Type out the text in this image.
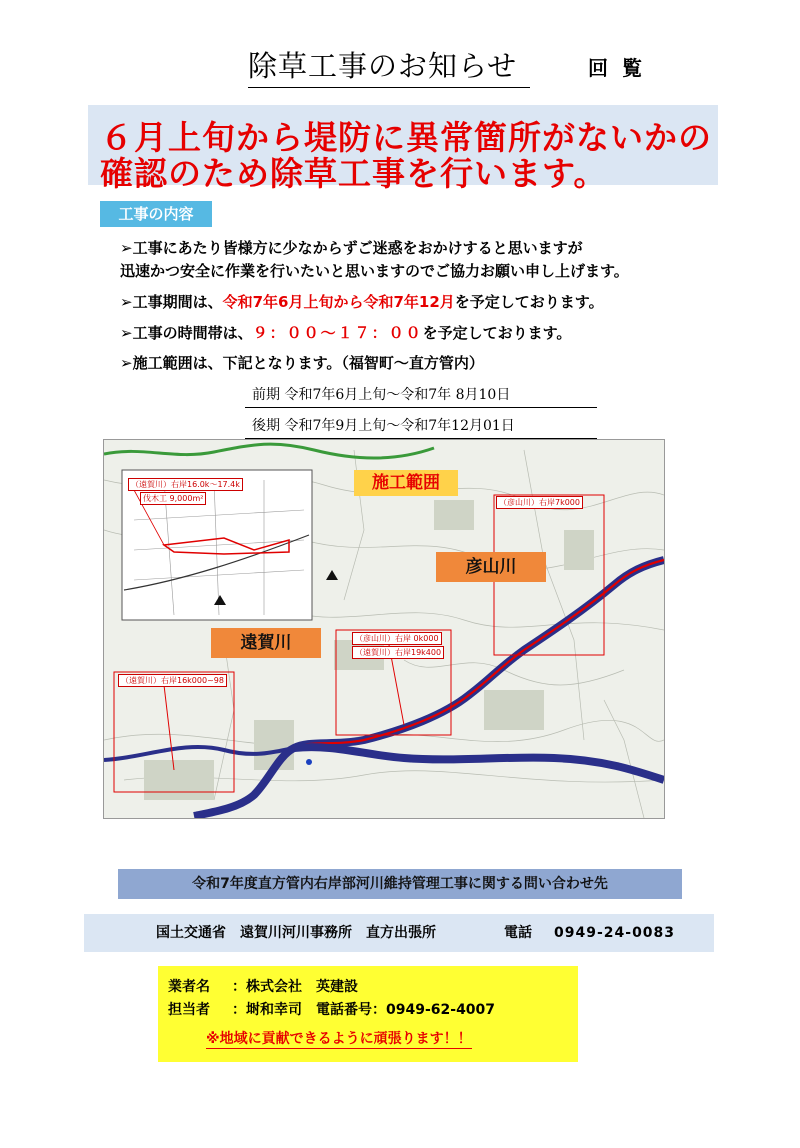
除草工事のお知らせ	回覧
６月上旬から堤防に異常箇所がないかの
確認のため除草工事を行います。
工事の内容
➢工事にあたり皆様方に少なからずご迷惑をおかけすると思いますが
迅速かつ安全に作業を行いたいと思いますのでご協力お願い申し上げます。
➢工事期間は、令和7年6月上旬から令和7年12月を予定しております。
➢工事の時間帯は、９：００～１７：００を予定しております。
➢施工範囲は、下記となります。（福智町～直方管内）
前期 令和7年6月上旬～令和7年 8月10日
後期 令和7年9月上旬～令和7年12月01日
施工範囲
彦山川
遠賀川
（彦山川）右岸7k000
（彦山川）右岸 0k000
（遠賀川）右岸19k400
（遠賀川）右岸16k000~98
（遠賀川）右岸16.0k～17.4k
伐木工 9,000m²
令和7年度直方管内右岸部河川維持管理工事に関する問い合わせ先
国土交通省　遠賀川河川事務所　直方出張所	電話 0949-24-0083
業者名 ：株式会社　英建設
担当者 ：埘和幸司　電話番号：0949-62-4007
※地域に貢献できるように頑張ります！！
